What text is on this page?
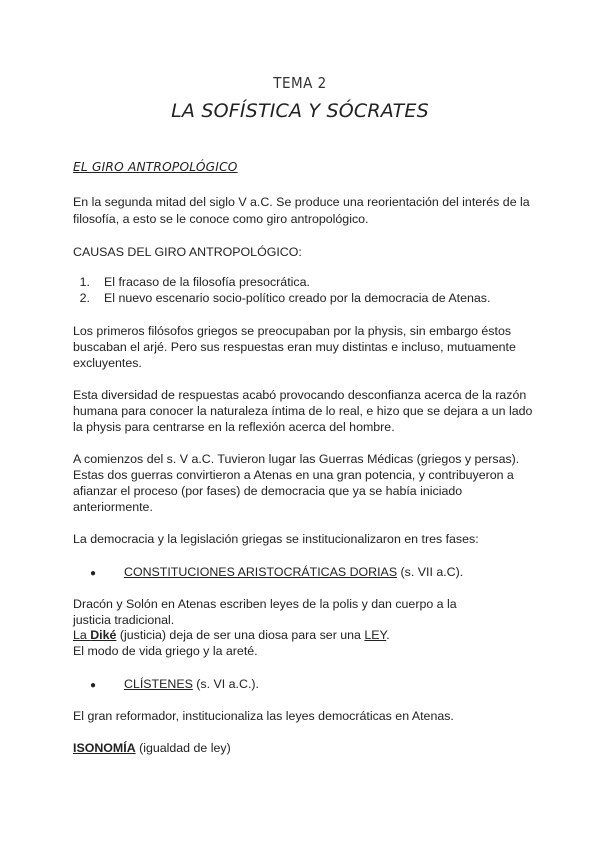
TEMA 2
LA SOFÍSTICA Y SÓCRATES
EL GIRO ANTROPOLÓGICO
En la segunda mitad del siglo V a.C. Se produce una reorientación del interés de la
filosofía, a esto se le conoce como giro antropológico.
CAUSAS DEL GIRO ANTROPOLÓGICO:
1. El fracaso de la filosofía presocrática.
2. El nuevo escenario socio-político creado por la democracia de Atenas.
Los primeros filósofos griegos se preocupaban por la physis, sin embargo éstos
buscaban el arjé. Pero sus respuestas eran muy distintas e incluso, mutuamente
excluyentes.
Esta diversidad de respuestas acabó provocando desconfianza acerca de la razón
humana para conocer la naturaleza íntima de lo real, e hizo que se dejara a un lado
la physis para centrarse en la reflexión acerca del hombre.
A comienzos del s. V a.C. Tuvieron lugar las Guerras Médicas (griegos y persas).
Estas dos guerras convirtieron a Atenas en una gran potencia, y contribuyeron a
afianzar el proceso (por fases) de democracia que ya se había iniciado
anteriormente.
La democracia y la legislación griegas se institucionalizaron en tres fases:
● CONSTITUCIONES ARISTOCRÁTICAS DORIAS (s. VII a.C).
Dracón y Solón en Atenas escriben leyes de la polis y dan cuerpo a la
justicia tradicional.
La Diké (justicia) deja de ser una diosa para ser una LEY.
El modo de vida griego y la areté.
● CLÍSTENES (s. VI a.C.).
El gran reformador, institucionaliza las leyes democráticas en Atenas.
ISONOMÍA (igualdad de ley)
